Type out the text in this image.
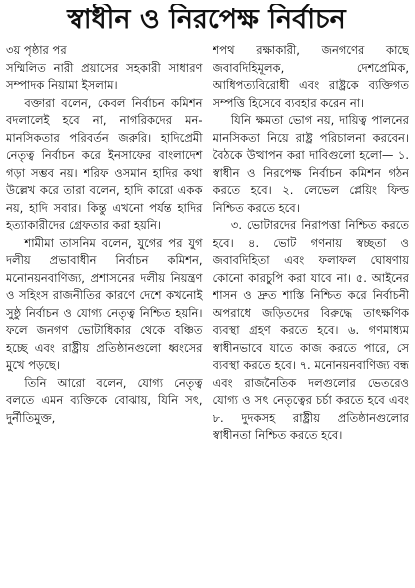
স্বাধীন ও নিরপেক্ষ নির্বাচন

৩য় পৃষ্ঠার পর

সম্মিলিত নারী প্রয়াসের সহকারী সাধারণ সম্পাদক নিয়ামা ইসলাম।

বক্তারা বলেন, কেবল নির্বাচন কমিশন বদলালেই হবে না, নাগরিকদের মন-মানসিকতার পরিবর্তন জরুরি। হাদিপ্রেমী নেতৃত্ব নির্বাচন করে ইনসাফের বাংলাদেশ গড়া সম্ভব নয়। শরিফ ওসমান হাদির কথা উল্লেখ করে তারা বলেন, হাদি কারো একক নয়, হাদি সবার। কিন্তু এখনো পর্যন্ত হাদির হত্যাকারীদের গ্রেফতার করা হয়নি।

শামীমা তাসনিম বলেন, যুগের পর যুগ দলীয় প্রভাবাধীন নির্বাচন কমিশন, মনোনয়নবাণিজ্য, প্রশাসনের দলীয় নিয়ন্ত্রণ ও সহিংস রাজনীতির কারণে দেশে কখনোই সুষ্ঠু নির্বাচন ও যোগ্য নেতৃত্ব নিশ্চিত হয়নি। ফলে জনগণ ভোটাধিকার থেকে বঞ্চিত হচ্ছে এবং রাষ্ট্রীয় প্রতিষ্ঠানগুলো ধ্বংসের মুখে পড়ছে।

তিনি আরো বলেন, যোগ্য নেতৃত্ব বলতে এমন ব্যক্তিকে বোঝায়, যিনি সৎ, দুর্নীতিমুক্ত,

শপথ রক্ষাকারী, জনগণের কাছে জবাবদিহিমূলক, দেশপ্রেমিক, আধিপত্যবিরোধী এবং রাষ্ট্রকে ব্যক্তিগত সম্পত্তি হিসেবে ব্যবহার করেন না।

যিনি ক্ষমতা ভোগ নয়, দায়িত্ব পালনের মানসিকতা নিয়ে রাষ্ট্র পরিচালনা করবেন। বৈঠকে উত্থাপন করা দাবিগুলো হলো— ১. স্বাধীন ও নিরপেক্ষ নির্বাচন কমিশন গঠন করতে হবে। ২. লেভেল প্লেয়িং ফিল্ড নিশ্চিত করতে হবে।

৩. ভোটারদের নিরাপত্তা নিশ্চিত করতে হবে। ৪. ভোট গণনায় স্বচ্ছতা ও জবাবদিহিতা এবং ফলাফল ঘোষণায় কোনো কারচুপি করা যাবে না। ৫. আইনের শাসন ও দ্রুত শাস্তি নিশ্চিত করে নির্বাচনী অপরাধে জড়িতদের বিরুদ্ধে তাৎক্ষণিক ব্যবস্থা গ্রহণ করতে হবে। ৬. গণমাধ্যম স্বাধীনভাবে যাতে কাজ করতে পারে, সে ব্যবস্থা করতে হবে। ৭. মনোনয়নবাণিজ্য বন্ধ এবং রাজনৈতিক দলগুলোর ভেতরেও যোগ্য ও সৎ নেতৃত্বের চর্চা করতে হবে এবং ৮. দুদকসহ রাষ্ট্রীয় প্রতিষ্ঠানগুলোর স্বাধীনতা নিশ্চিত করতে হবে।
